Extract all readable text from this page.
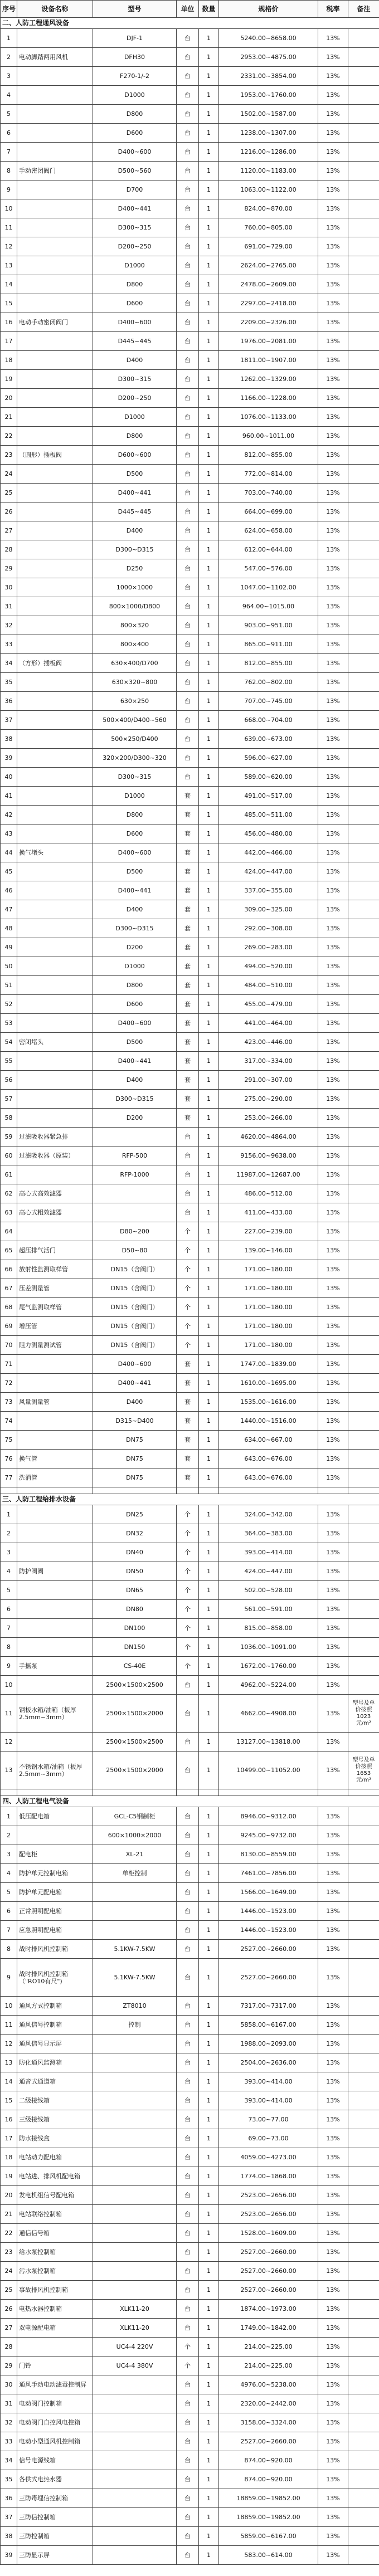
序号	设备名称	型号	单位	数量	规格价	税率	备注
二、人防工程通风设备							
1		DJF-1	台	1	5240.00~8658.00	13%	
2	电动脚踏两用风机	DFH30	台	1	2953.00~4875.00	13%	
3		F270-1/-2	台	1	2331.00~3854.00	13%	
4		D1000	台	1	1953.00~1760.00	13%	
5		D800	台	1	1502.00~1587.00	13%	
6		D600	台	1	1238.00~1307.00	13%	
7		D400~600	台	1	1216.00~1286.00	13%	
8	手动密闭阀门	D500~560	台	1	1120.00~1183.00	13%	
9		D700	台	1	1063.00~1122.00	13%	
10		D400~441	台	1	824.00~870.00	13%	
11		D300~315	台	1	760.00~805.00	13%	
12		D200~250	台	1	691.00~729.00	13%	
13		D1000	台	1	2624.00~2765.00	13%	
14		D800	台	1	2478.00~2609.00	13%	
15		D600	台	1	2297.00~2418.00	13%	
16	电动手动密闭阀门	D400~600	台	1	2209.00~2326.00	13%	
17		D445~445	台	1	1976.00~2081.00	13%	
18		D400	台	1	1811.00~1907.00	13%	
19		D300~315	台	1	1262.00~1329.00	13%	
20		D200~250	台	1	1166.00~1228.00	13%	
21		D1000	台	1	1076.00~1133.00	13%	
22		D800	台	1	960.00~1011.00	13%	
23	（圆形）插板阀	D600~600	台	1	812.00~855.00	13%	
24		D500	台	1	772.00~814.00	13%	
25		D400~441	台	1	703.00~740.00	13%	
26		D445~445	台	1	664.00~699.00	13%	
27		D400	台	1	624.00~658.00	13%	
28		D300~D315	台	1	612.00~644.00	13%	
29		D250	台	1	547.00~576.00	13%	
30		1000×1000	台	1	1047.00~1102.00	13%	
31		800×1000/D800	台	1	964.00~1015.00	13%	
32		800×320	台	1	903.00~951.00	13%	
33		800×400	台	1	865.00~911.00	13%	
34	（方形）插板阀	630×400/D700	台	1	812.00~855.00	13%	
35		630×320~800	台	1	762.00~802.00	13%	
36		630×250	台	1	707.00~745.00	13%	
37		500×400/D400~560	台	1	668.00~704.00	13%	
38		500×250/D400	台	1	639.00~673.00	13%	
39		320×200/D300~320	台	1	596.00~627.00	13%	
40		D300~315	台	1	589.00~620.00	13%	
41		D1000	套	1	491.00~517.00	13%	
42		D800	套	1	485.00~511.00	13%	
43		D600	套	1	456.00~480.00	13%	
44	换气堵头	D400~600	套	1	442.00~466.00	13%	
45		D500	套	1	424.00~447.00	13%	
46		D400~441	套	1	337.00~355.00	13%	
47		D400	套	1	309.00~325.00	13%	
48		D300~D315	套	1	292.00~308.00	13%	
49		D200	套	1	269.00~283.00	13%	
50		D1000	套	1	494.00~520.00	13%	
51		D800	套	1	484.00~510.00	13%	
52		D600	套	1	455.00~479.00	13%	
53		D400~600	套	1	441.00~464.00	13%	
54	密闭堵头	D500	套	1	423.00~446.00	13%	
55		D400~441	套	1	317.00~334.00	13%	
56		D400	套	1	291.00~307.00	13%	
57		D300~D315	套	1	275.00~290.00	13%	
58		D200	套	1	253.00~266.00	13%	
59	过滤吸收器紧急排		台	1	4620.00~4864.00	13%	
60	过滤吸收器（原装）	RFP-500	台	1	9156.00~9638.00	13%	
61		RFP-1000	台	1	11987.00~12687.00	13%	
62	高心式高效滤器		台	1	486.00~512.00	13%	
63	高心式粗效滤器		台	1	411.00~433.00	13%	
64		D80~200	个	1	227.00~239.00	13%	
65	超压排气活门	D50~80	个	1	139.00~146.00	13%	
66	放射性监测取样管	DN15（含阀门）	个	1	171.00~180.00	13%	
67	压差测量管	DN15（含阀门）	个	1	171.00~180.00	13%	
68	尾气监测取样管	DN15（含阀门）	个	1	171.00~180.00	13%	
69	增压管	DN15（含阀门）	个	1	171.00~180.00	13%	
70	阻力测量测试管	DN15（含阀门）	个	1	171.00~180.00	13%	
71		D400~600	套	1	1747.00~1839.00	13%	
72		D400~441	套	1	1610.00~1695.00	13%	
73	风量测量管	D400	套	1	1535.00~1616.00	13%	
74		D315~D400	套	1	1440.00~1516.00	13%	
75		DN75	套	1	634.00~667.00	13%	
76	换气管	DN75	套	1	643.00~676.00	13%	
77	洗消管	DN75	套	1	643.00~676.00	13%	

三、人防工程给排水设备							
1		DN25	个	1	324.00~342.00	13%	
2		DN32	个	1	364.00~383.00	13%	
3		DN40	个	1	393.00~414.00	13%	
4	防护阀阀	DN50	个	1	424.00~447.00	13%	
5		DN65	个	1	502.00~528.00	13%	
6		DN80	个	1	561.00~591.00	13%	
7		DN100	个	1	815.00~858.00	13%	
8		DN150	个	1	1036.00~1091.00	13%	
9	手摇泵	CS-40E	个	1	1672.00~1760.00	13%	
10		2500×1500×2500	台	1	4962.00~5224.00	13%	
11	钢板水箱/油箱（板厚2.5mm~3mm）	2500×1500×2000	台	1	4662.00~4908.00	13%	型号及单价按照1023元/m²
12		2500×1500×2500	台	1	13127.00~13818.00	13%	
13	不锈钢水箱/油箱（板厚2.5mm~3mm）	2500×1500×2000	台	1	10499.00~11052.00	13%	型号及单价按照1653元/m²

四、人防工程电气设备							
1	低压配电箱	GCL-C5钢制柜	台	1	8946.00~9312.00	13%	
2		600×1000×2000	台	1	9245.00~9732.00	13%	
3	配电柜	XL-21	台	1	8130.00~8559.00	13%	
4	防护单元控制电箱	单柜控制	台	1	7461.00~7856.00	13%	
5	防护单元配电箱		台	1	1566.00~1649.00	13%	
6	正常照明配电箱		台	1	1446.00~1523.00	13%	
7	应急照明配电箱		台	1	1446.00~1523.00	13%	
8	战时排风机控制箱	5.1KW-7.5KW	台	1	2527.00~2660.00	13%	
9	战时排风机控制箱（"RO10有尺")	5.1KW-7.5KW	台	1	2527.00~2660.00	13%	
10	通风方式控制箱	ZT8010	台	1	7317.00~7317.00	13%	
11	通风信号控制箱	控制	台	1	5858.00~6167.00	13%	
12	通风信号显示屏		台	1	1988.00~2093.00	13%	
13	防化通风监测箱		台	1	2504.00~2636.00	13%	
14	通音式通道箱		台	1	393.00~414.00	13%	
15	二级接线箱		台	1	393.00~414.00	13%	
16	三级接线箱		台	1	73.00~77.00	13%	
17	防水接线盒		台	1	69.00~73.00	13%	
18	电站动力配电箱		台	1	4059.00~4273.00	13%	
19	电站进、排风机配电箱		台	1	1774.00~1868.00	13%	
20	发电机组信号配电箱		台	1	2523.00~2656.00	13%	
21	电站联络控制箱		台	1	2523.00~2656.00	13%	
22	通信信号箱		台	1	1528.00~1609.00	13%	
23	给水泵控制箱		台	1	2527.00~2660.00	13%	
24	污水泵控制箱		台	1	2527.00~2660.00	13%	
25	事故排风机控制箱		台	1	2527.00~2660.00	13%	
26	电热水器控制箱	XLK11-20	台	1	1874.00~1973.00	13%	
27	双电源配电箱	XLK11-20	台	1	1749.00~1842.00	13%	
28		UC4-4 220V	个	1	214.00~225.00	13%	
29	门铃	UC4-4 380V	个	1	214.00~225.00	13%	
30	通风手动电动滤毒控制屏		台	1	4976.00~5238.00	13%	
31	电动阀门控制箱		台	1	2320.00~2442.00	13%	
32	电动阀门自控风电控箱		台	1	3158.00~3324.00	13%	
33	电动小型通风机控制箱		台	1	2527.00~2660.00	13%	
34	信号电源线箱		台	1	874.00~920.00	13%	
35	各供式电热水器		台	1	874.00~920.00	13%	
36	三防毒埋信控制箱		台	1	18859.00~19852.00	13%	
37	三防信控制箱		台	1	18859.00~19852.00	13%	
38	三防控制箱		台	1	5859.00~6167.00	13%	
39	三防显示屏		台	1	583.00~614.00	13%	
